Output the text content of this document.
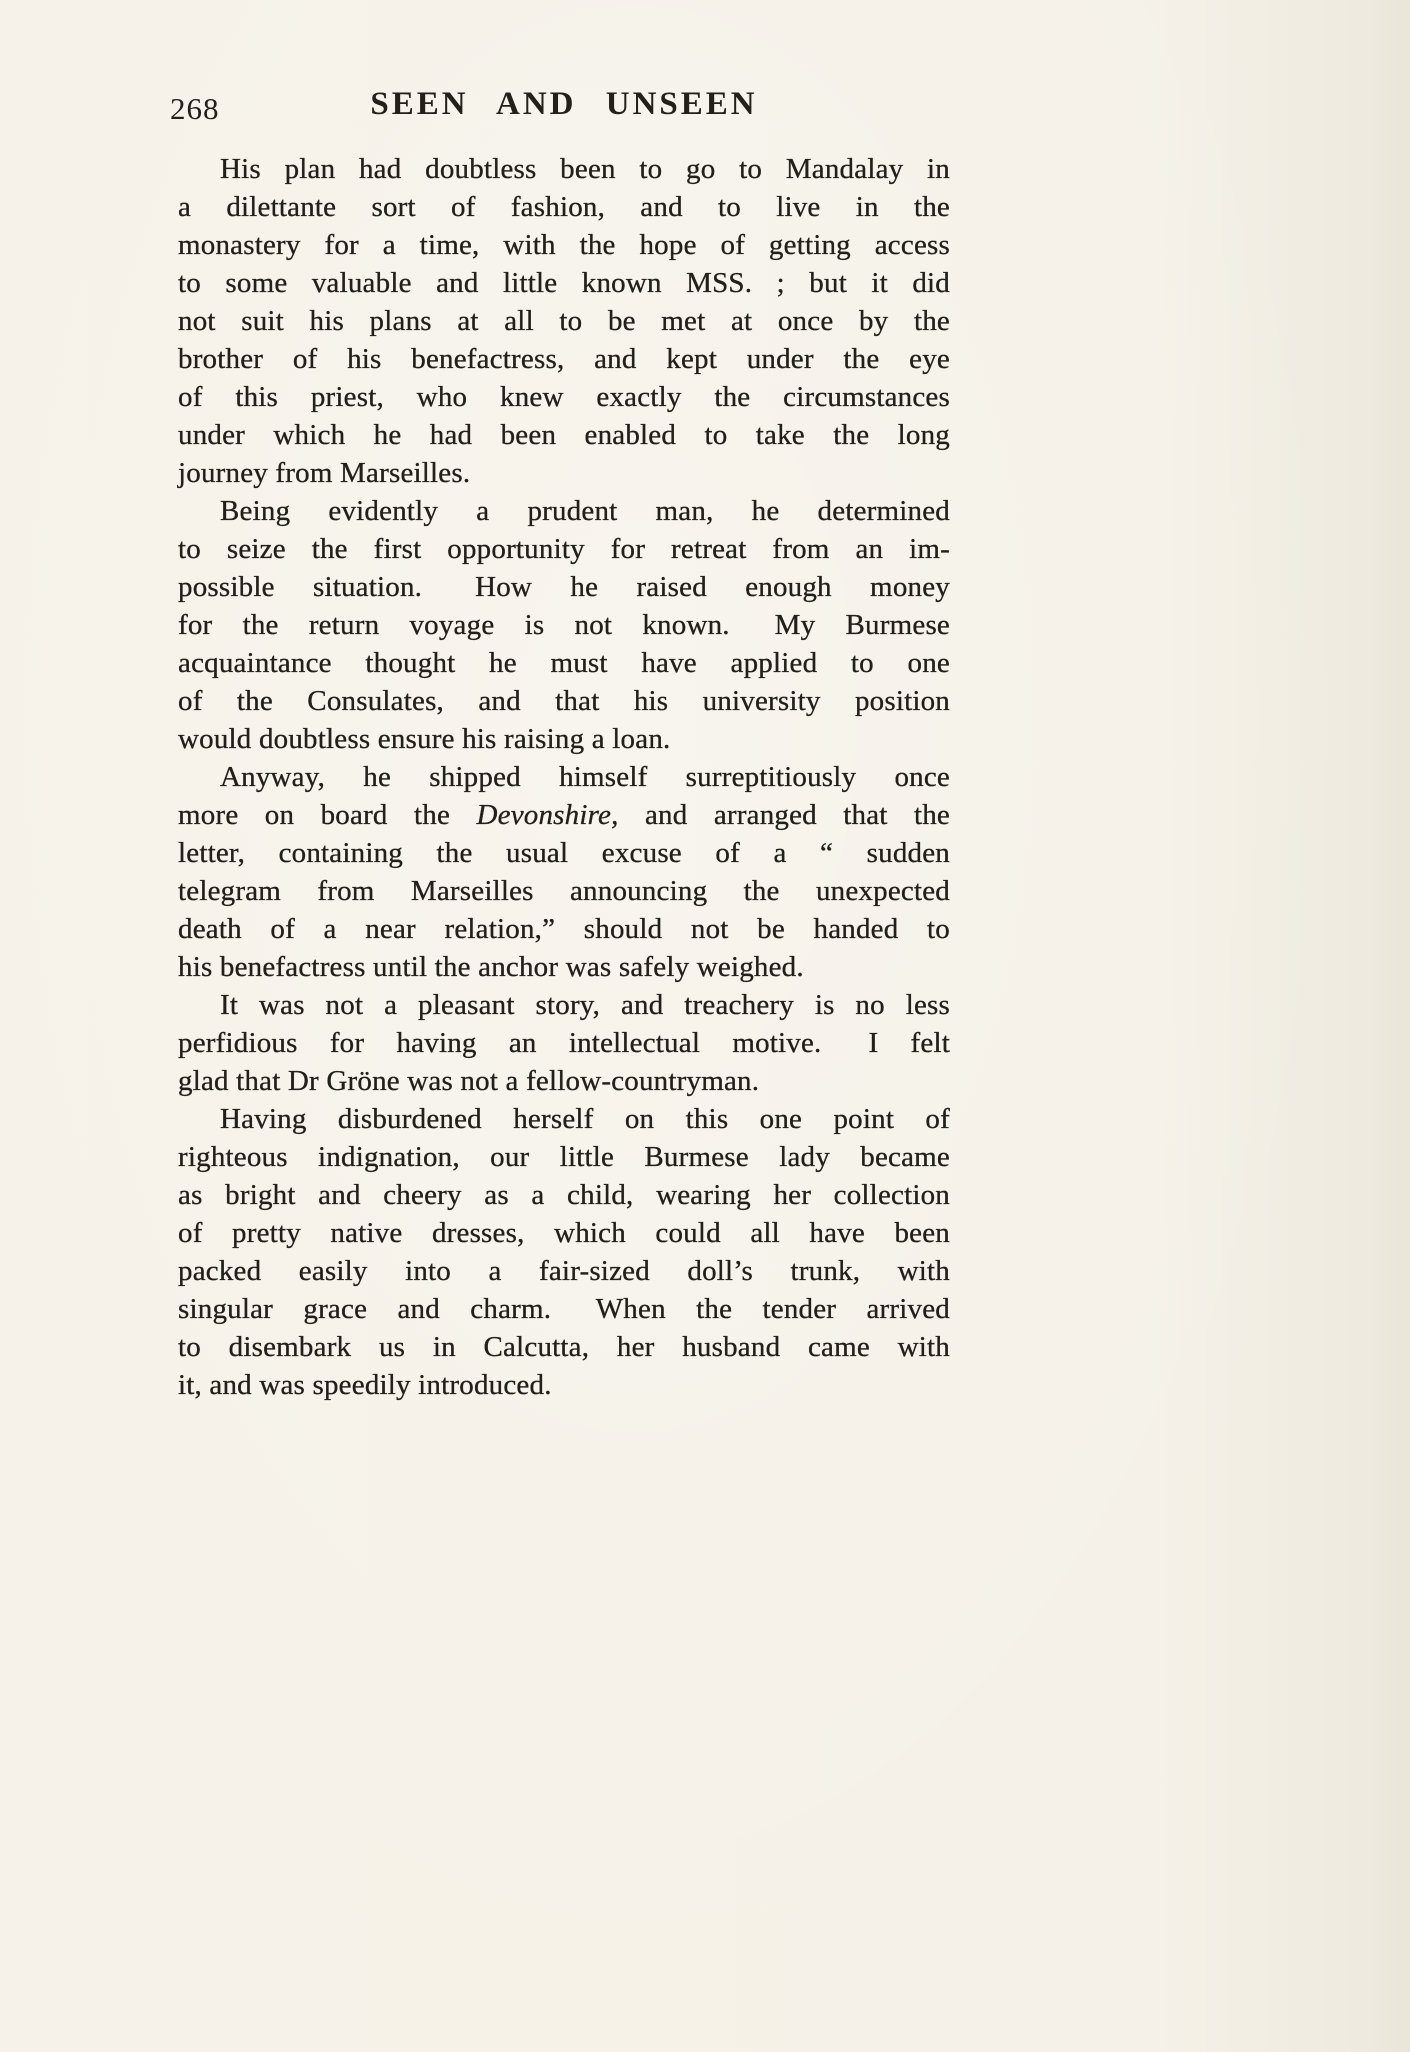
268	SEEN AND UNSEEN
His plan had doubtless been to go to Mandalay in
a dilettante sort of fashion, and to live in the
monastery for a time, with the hope of getting access
to some valuable and little known MSS. ; but it did
not suit his plans at all to be met at once by the
brother of his benefactress, and kept under the eye
of this priest, who knew exactly the circumstances
under which he had been enabled to take the long
journey from Marseilles.
Being evidently a prudent man, he determined
to seize the first opportunity for retreat from an im-
possible situation.  How he raised enough money
for the return voyage is not known.  My Burmese
acquaintance thought he must have applied to one
of the Consulates, and that his university position
would doubtless ensure his raising a loan.
Anyway, he shipped himself surreptitiously once
more on board the Devonshire, and arranged that the
letter, containing the usual excuse of a “ sudden
telegram from Marseilles announcing the unexpected
death of a near relation,” should not be handed to
his benefactress until the anchor was safely weighed.
It was not a pleasant story, and treachery is no less
perfidious for having an intellectual motive.  I felt
glad that Dr Gröne was not a fellow-countryman.
Having disburdened herself on this one point of
righteous indignation, our little Burmese lady became
as bright and cheery as a child, wearing her collection
of pretty native dresses, which could all have been
packed easily into a fair-sized doll’s trunk, with
singular grace and charm.  When the tender arrived
to disembark us in Calcutta, her husband came with
it, and was speedily introduced.
